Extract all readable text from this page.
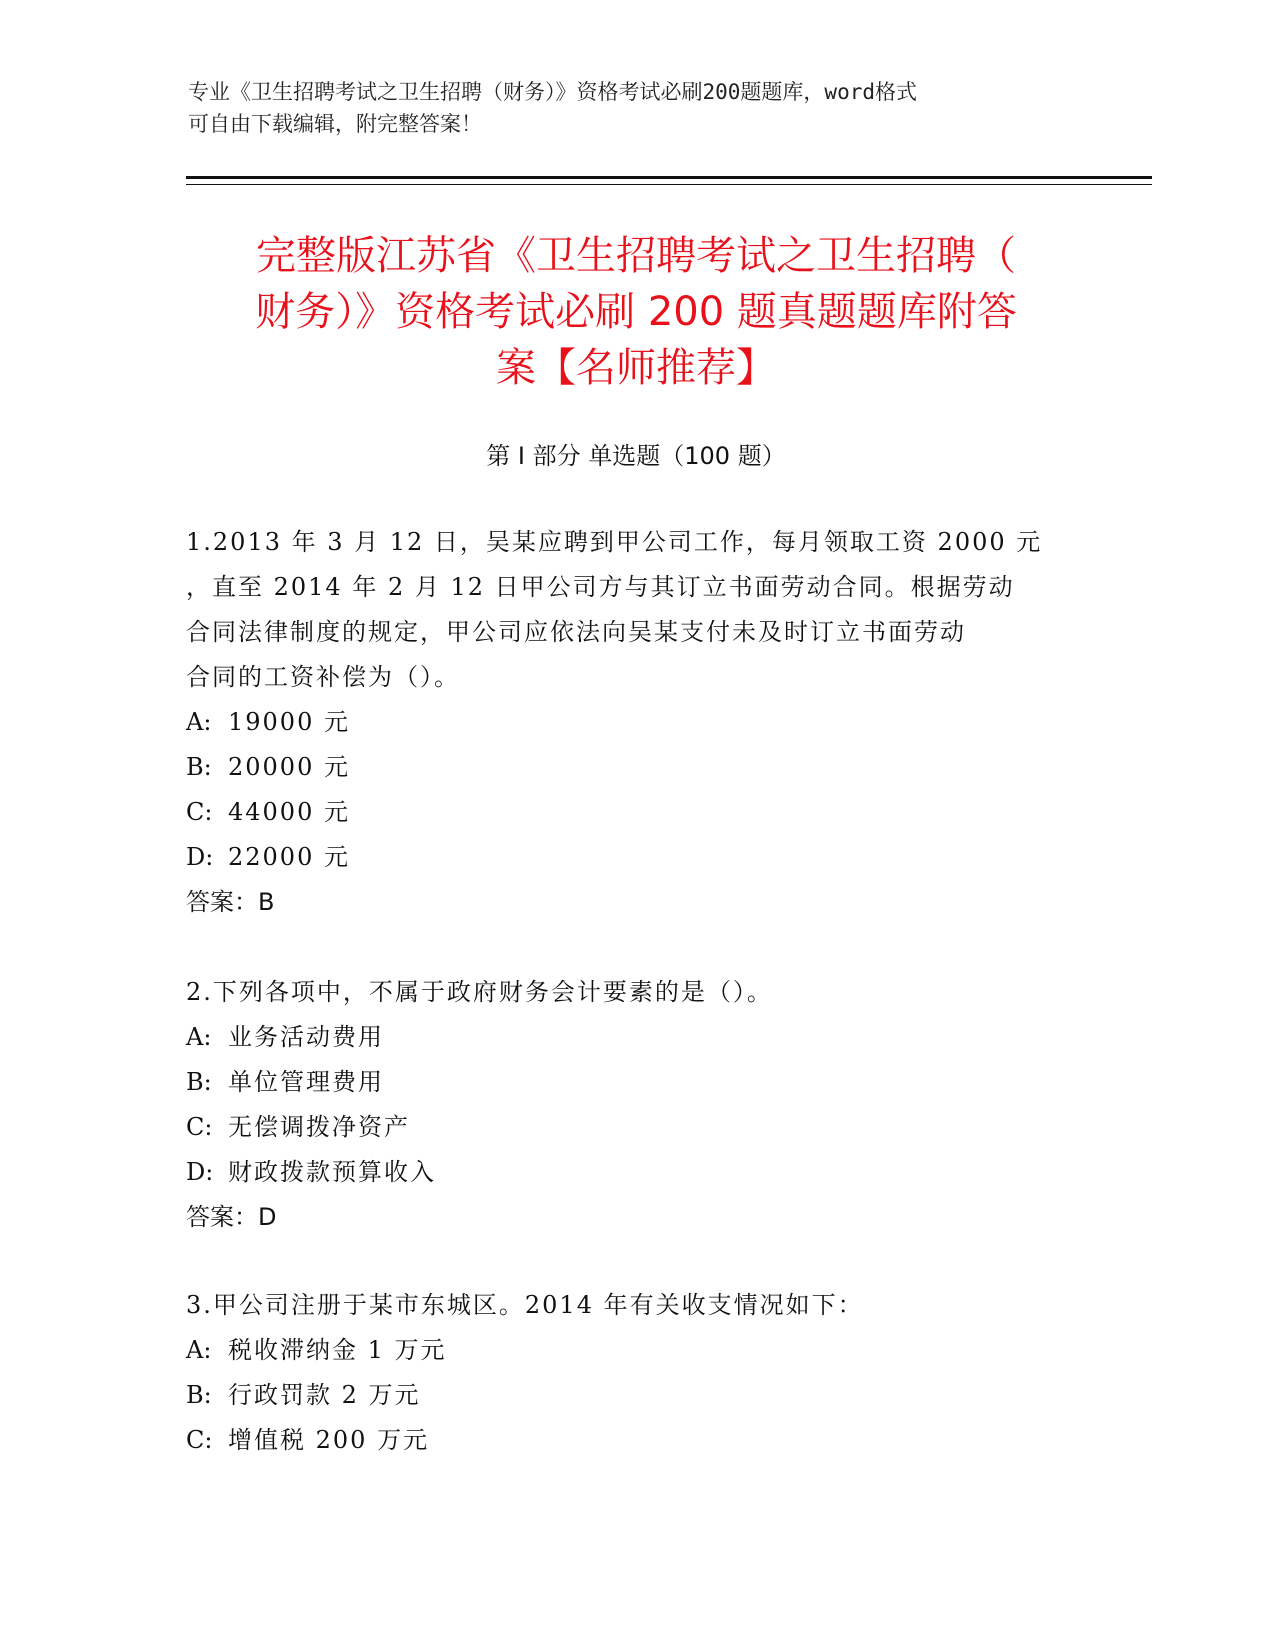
专业《卫生招聘考试之卫生招聘（财务）》资格考试必刷200题题库，word格式

可自由下载编辑，附完整答案！

完整版江苏省《卫生招聘考试之卫生招聘（
财务）》资格考试必刷 200 题真题题库附答
案【名师推荐】
第 I 部分 单选题（100 题）
1.2013 年 3 月 12 日，吴某应聘到甲公司工作，每月领取工资 2000 元
，直至 2014 年 2 月 12 日甲公司方与其订立书面劳动合同。根据劳动
合同法律制度的规定，甲公司应依法向吴某支付未及时订立书面劳动
合同的工资补偿为（）。
A: 19000 元
B: 20000 元
C: 44000 元
D: 22000 元
答案：B
2.下列各项中，不属于政府财务会计要素的是（）。
A: 业务活动费用
B: 单位管理费用
C: 无偿调拨净资产
D: 财政拨款预算收入
答案：D
3.甲公司注册于某市东城区。2014 年有关收支情况如下：
A: 税收滞纳金 1 万元
B: 行政罚款 2 万元
C: 增值税 200 万元
